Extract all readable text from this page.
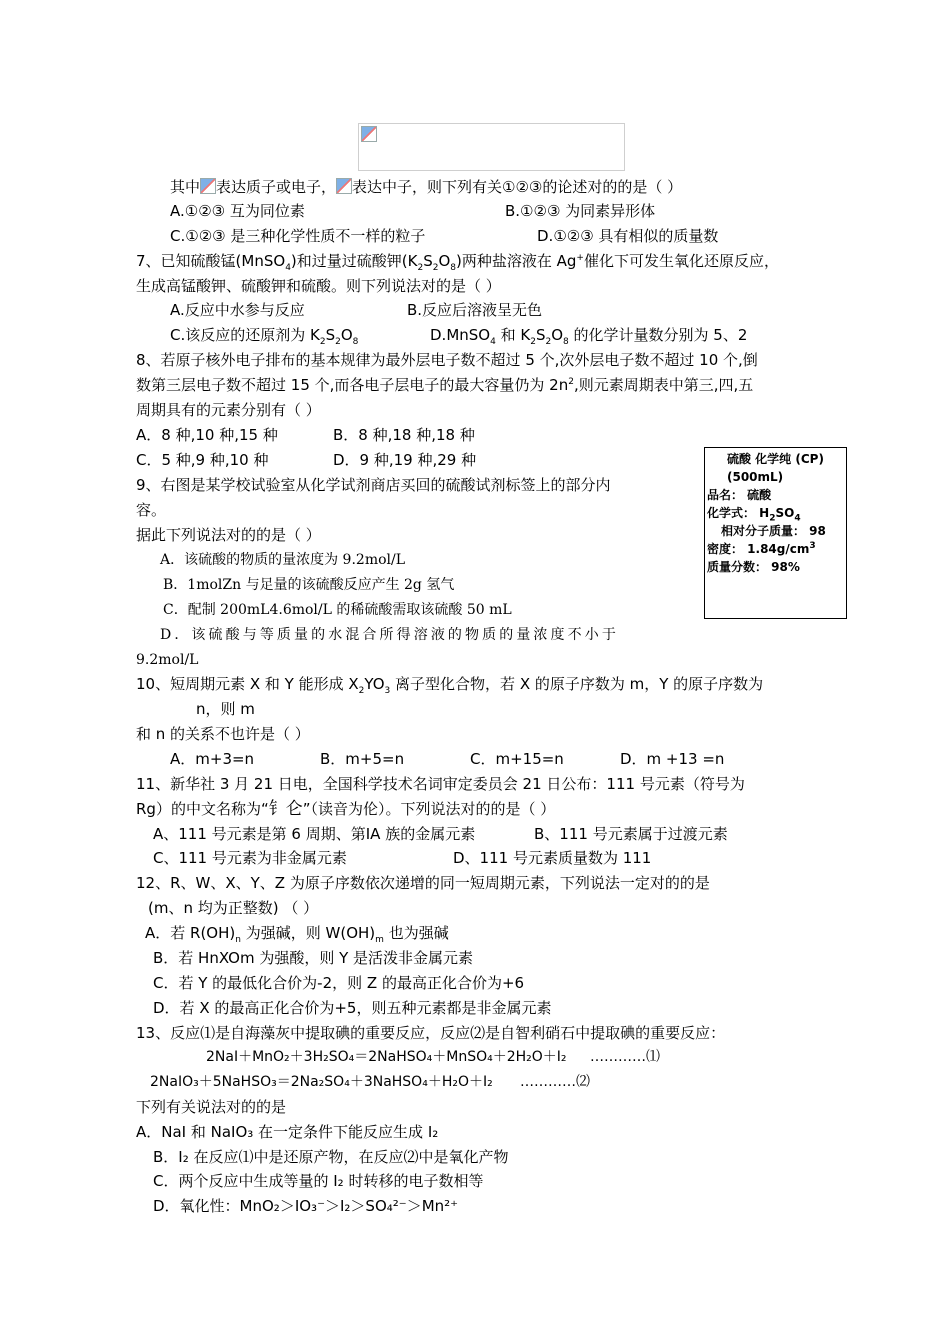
其中 表达质子或电子， 表达中子，则下列有关①②③的论述对的的是（ ）
A.①②③ 互为同位素	B.①②③ 为同素异形体
C.①②③ 是三种化学性质不一样的粒子	D.①②③ 具有相似的质量数
7、已知硫酸锰(MnSO$_4$)和过量过硫酸钾$(K_2S_2O_8)$两种盐溶液在 Ag+催化下可发生氧化还原反应，
生成高锰酸钾、硫酸钾和硫酸。则下列说法对的是（ ）
A.反应中水参与反应	B.反应后溶液呈无色
C.该反应的还原剂为 $K_2S_2O_8$	D.MnSO$_4$ 和 $K_2S_2O_8$ 的化学计量数分别为 5、2
8、若原子核外电子排布的基本规律为最外层电子数不超过 5 个,次外层电子数不超过 10 个,倒
数第三层电子数不超过 15 个,而各电子层电子的最大容量仍为 $2n^2$,则元素周期表中第三,四,五
周期具有的元素分别有（ ）
A．8 种,10 种,15 种	B．8 种,18 种,18 种
C．5 种,9 种,10 种	D．9 种,19 种,29 种	硫酸 化学纯 (CP)
(500mL)
品名： 硫酸
化学式： $H_2SO_4$
相对分子质量： 98
密度： $1.84g/cm^3$
质量分数： 98%
9、右图是某学校试验室从化学试剂商店买回的硫酸试剂标签上的部分内
容。
据此下列说法对的的是（ ）
A．该硫酸的物质的量浓度为 9.2mol/L
B．1molZn 与足量的该硫酸反应产生 2g 氢气
C．配制 200mL4.6mol/L 的稀硫酸需取该硫酸 50 mL
D．该硫酸与等质量的水混合所得溶液的物质的量浓度不小于
9.2mol/L
10、短周期元素 X 和 Y 能形成 $X_2YO_3$ 离子型化合物，若 X 的原子序数为 m，Y 的原子序数为
n，则 m
和 n 的关系不也许是（ ）
A．m+3=n	B．m+5=n	C．m+15=n	D．m +13 =n
11、新华社 3 月 21 日电，全国科学技术名词审定委员会 21 日公布：111 号元素（符号为
Rg）的中文名称为“钅仑”（读音为伦）。下列说法对的的是（ ）
A、111 号元素是第 6 周期、第ⅠA 族的金属元素	B、111 号元素属于过渡元素
C、111 号元素为非金属元素	D、111 号元素质量数为 111
12、R、W、X、Y、Z 为原子序数依次递增的同一短周期元素，下列说法一定对的的是
(m、n 均为正整数) （ ）
A．若 $R(OH)_n$ 为强碱，则 $W(OH)_m$ 也为强碱
B．若 HnXOm 为强酸，则 Y 是活泼非金属元素
C．若 Y 的最低化合价为-2，则 Z 的最高正化合价为+6
D．若 X 的最高正化合价为+5，则五种元素都是非金属元素
13、反应⑴是自海藻灰中提取碘的重要反应，反应⑵是自智利硝石中提取碘的重要反应：
2NaI＋MnO₂＋3H₂SO₄＝2NaHSO₄＋MnSO₄＋2H₂O＋I₂ …………⑴
2NaIO₃＋5NaHSO₃＝2Na₂SO₄＋3NaHSO₄＋H₂O＋I₂ …………⑵
下列有关说法对的的是
A．NaI 和 NaIO₃ 在一定条件下能反应生成 I₂
B．I₂ 在反应⑴中是还原产物，在反应⑵中是氧化产物
C．两个反应中生成等量的 I₂ 时转移的电子数相等
D．氧化性：MnO₂＞IO₃⁻＞I₂＞SO₄²⁻＞Mn²⁺
